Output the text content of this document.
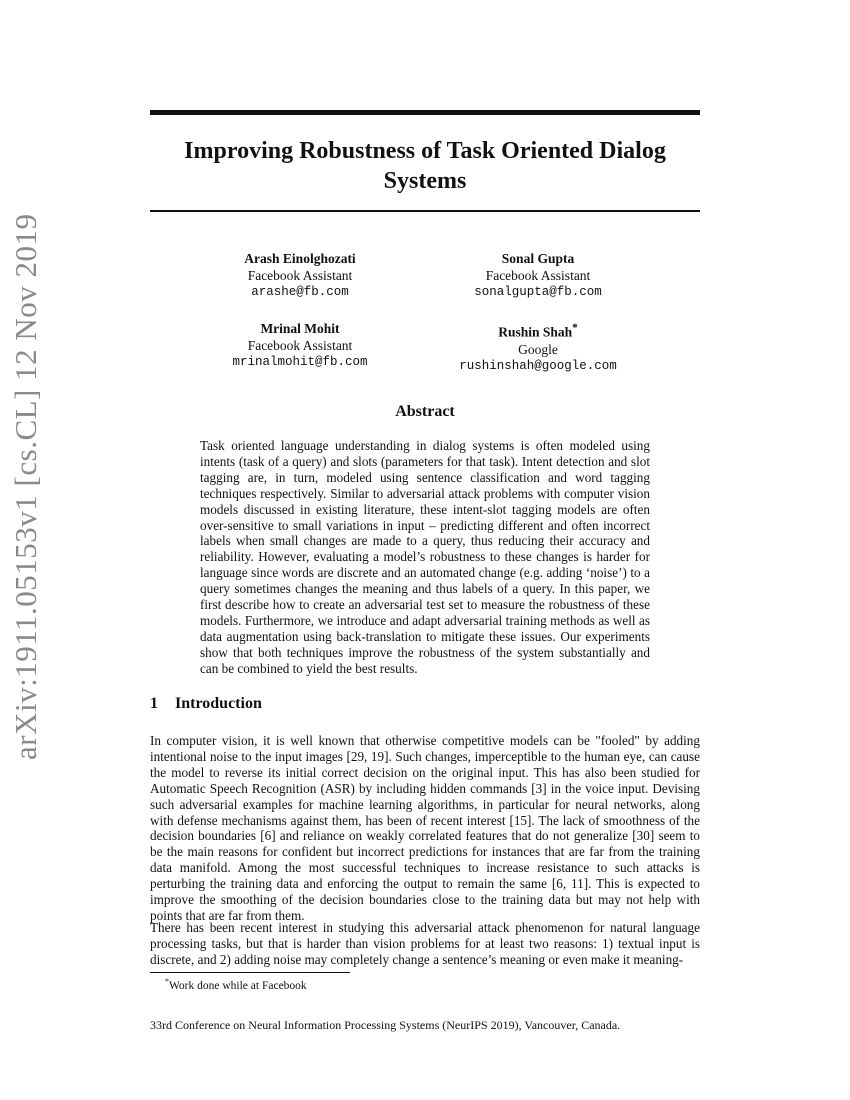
arXiv:1911.05153v1 [cs.CL] 12 Nov 2019
Improving Robustness of Task Oriented Dialog Systems
Arash Einolghozati
Facebook Assistant
arashe@fb.com
Sonal Gupta
Facebook Assistant
sonalgupta@fb.com
Mrinal Mohit
Facebook Assistant
mrinalmohit@fb.com
Rushin Shah*
Google
rushinshah@google.com
Abstract
Task oriented language understanding in dialog systems is often modeled using intents (task of a query) and slots (parameters for that task). Intent detection and slot tagging are, in turn, modeled using sentence classification and word tagging techniques respectively. Similar to adversarial attack problems with computer vision models discussed in existing literature, these intent-slot tagging models are often over-sensitive to small variations in input – predicting different and often incorrect labels when small changes are made to a query, thus reducing their accuracy and reliability. However, evaluating a model’s robustness to these changes is harder for language since words are discrete and an automated change (e.g. adding ‘noise’) to a query sometimes changes the meaning and thus labels of a query. In this paper, we first describe how to create an adversarial test set to measure the robustness of these models. Furthermore, we introduce and adapt adversarial training methods as well as data augmentation using back-translation to mitigate these issues. Our experiments show that both techniques improve the robustness of the system substantially and can be combined to yield the best results.
1 Introduction

In computer vision, it is well known that otherwise competitive models can be "fooled" by adding intentional noise to the input images [29, 19]. Such changes, imperceptible to the human eye, can cause the model to reverse its initial correct decision on the original input. This has also been studied for Automatic Speech Recognition (ASR) by including hidden commands [3] in the voice input. Devising such adversarial examples for machine learning algorithms, in particular for neural networks, along with defense mechanisms against them, has been of recent interest [15]. The lack of smoothness of the decision boundaries [6] and reliance on weakly correlated features that do not generalize [30] seem to be the main reasons for confident but incorrect predictions for instances that are far from the training data manifold. Among the most successful techniques to increase resistance to such attacks is perturbing the training data and enforcing the output to remain the same [6, 11]. This is expected to improve the smoothing of the decision boundaries close to the training data but may not help with points that are far from them.

There has been recent interest in studying this adversarial attack phenomenon for natural language processing tasks, but that is harder than vision problems for at least two reasons: 1) textual input is discrete, and 2) adding noise may completely change a sentence’s meaning or even make it meaning-

*Work done while at Facebook
33rd Conference on Neural Information Processing Systems (NeurIPS 2019), Vancouver, Canada.
